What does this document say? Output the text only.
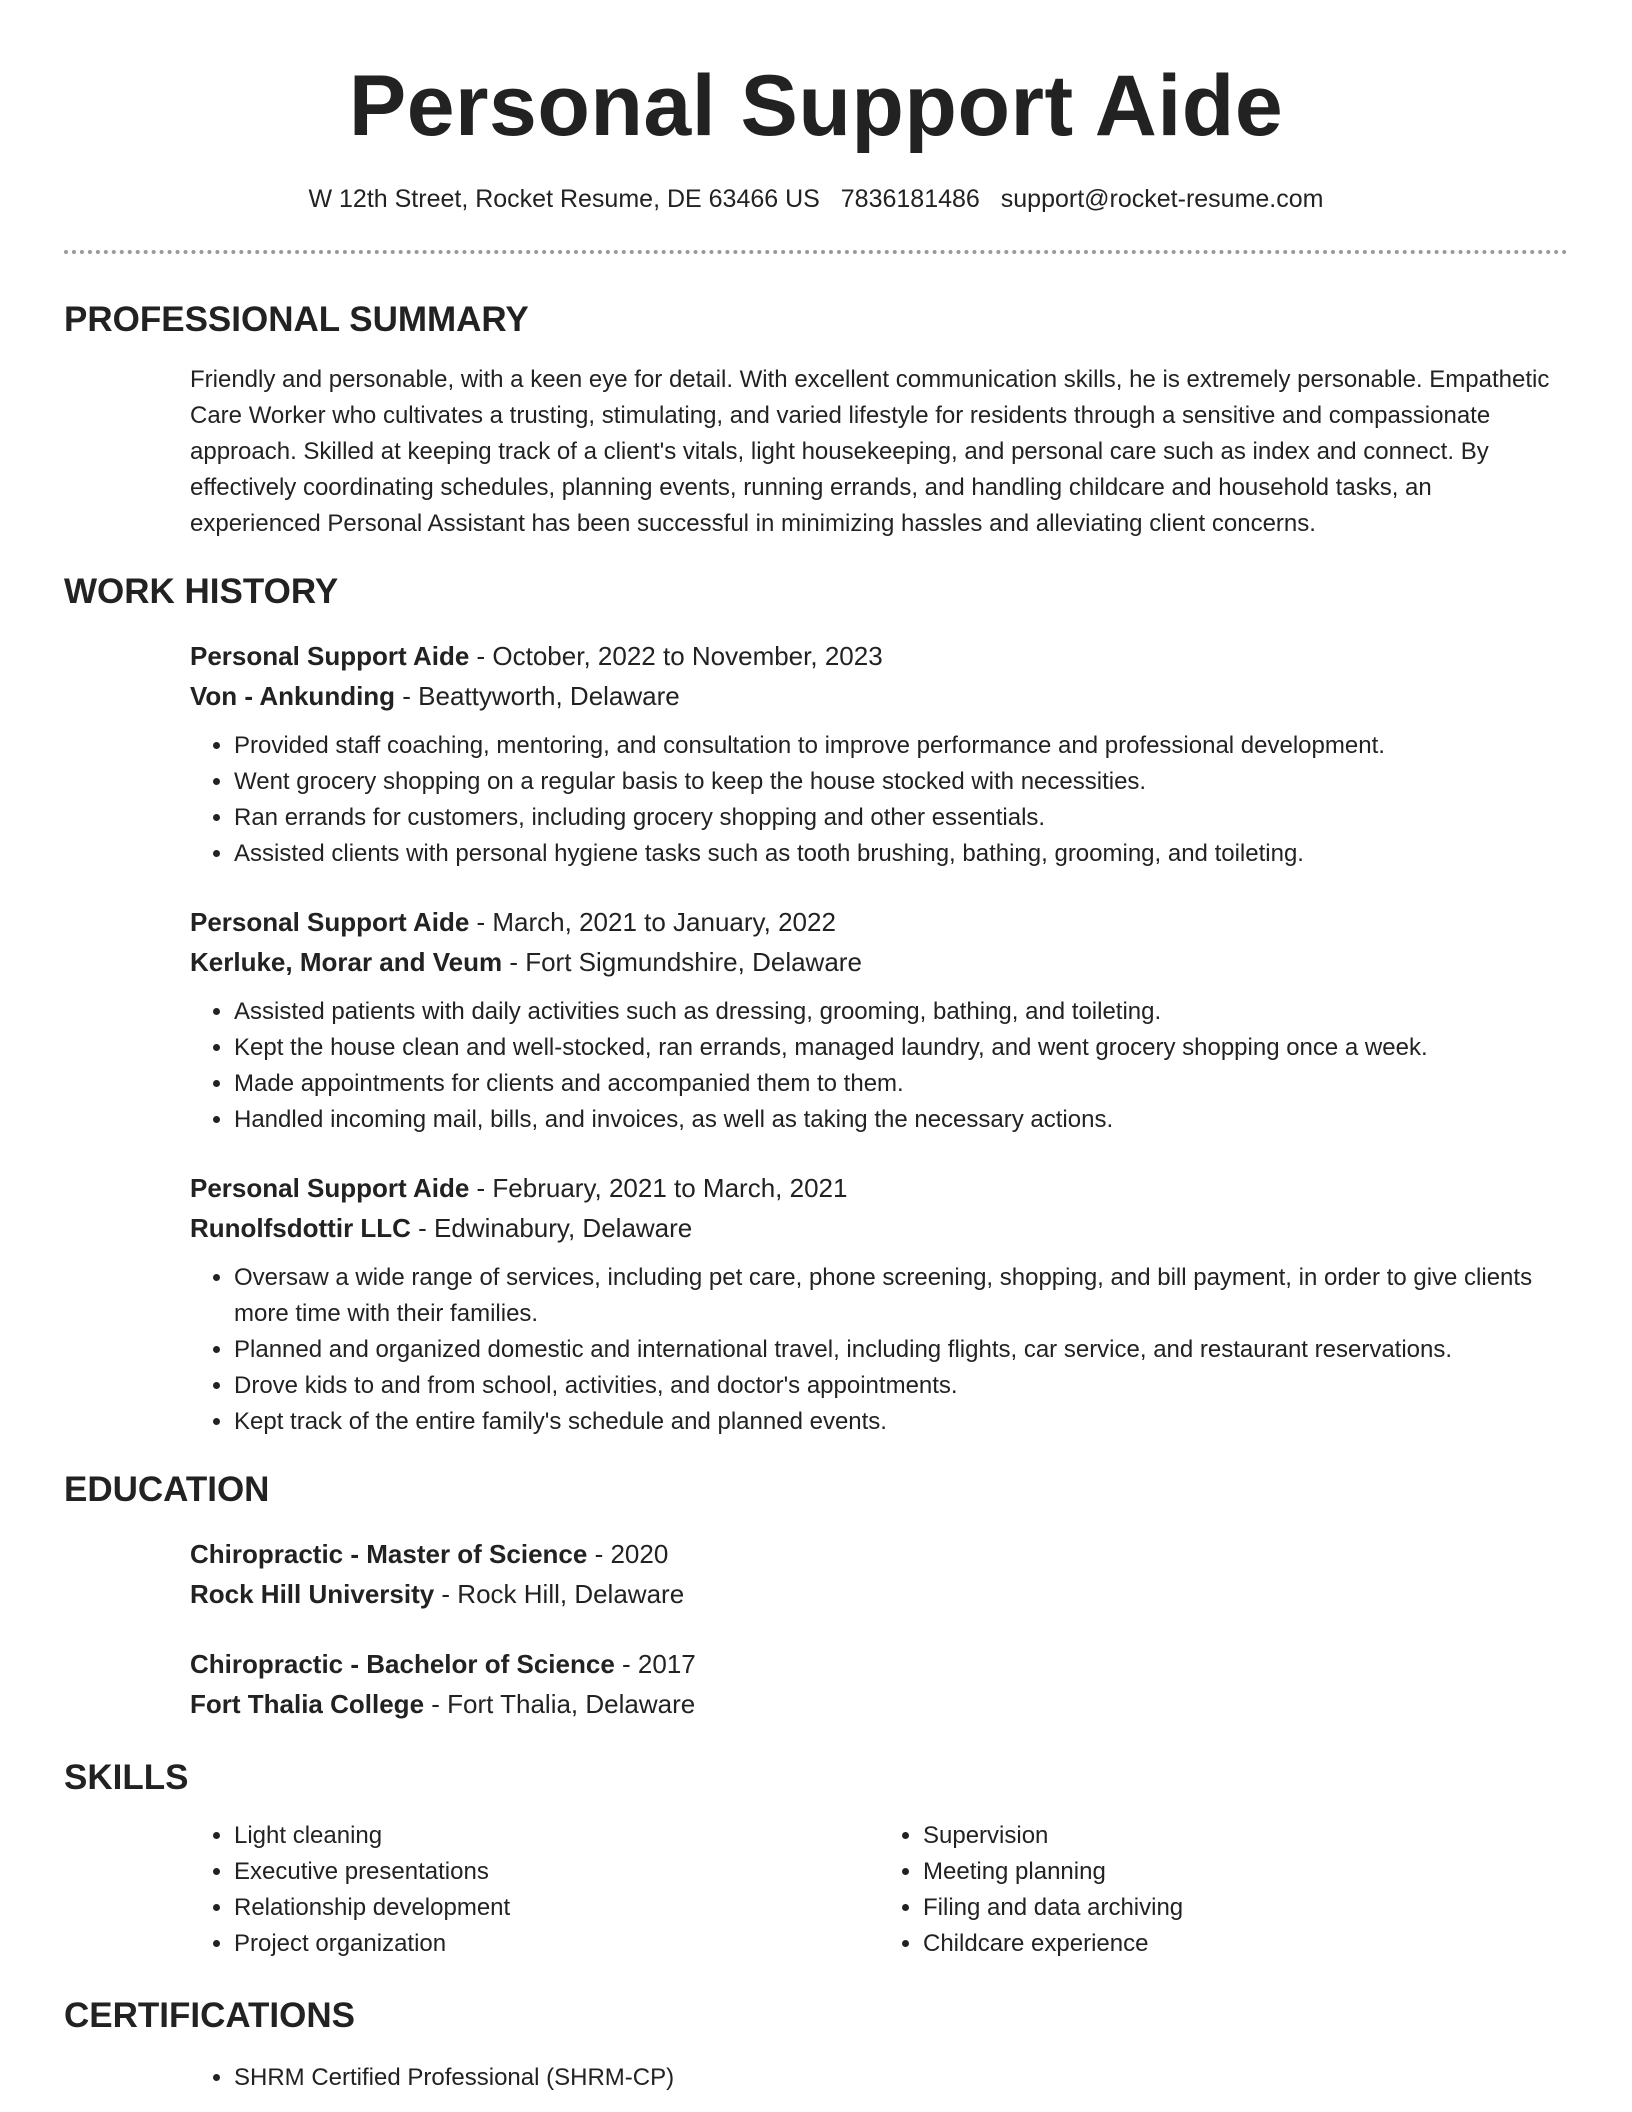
Personal Support Aide
W 12th Street, Rocket Resume, DE 63466 US 7836181486 support@rocket-resume.com
PROFESSIONAL SUMMARY

Friendly and personable, with a keen eye for detail. With excellent communication skills, he is extremely personable. Empathetic Care Worker who cultivates a trusting, stimulating, and varied lifestyle for residents through a sensitive and compassionate approach. Skilled at keeping track of a client's vitals, light housekeeping, and personal care such as index and connect. By effectively coordinating schedules, planning events, running errands, and handling childcare and household tasks, an experienced Personal Assistant has been successful in minimizing hassles and alleviating client concerns.

WORK HISTORY
Personal Support Aide - October, 2022 to November, 2023
Von - Ankunding - Beattyworth, Delaware
• Provided staff coaching, mentoring, and consultation to improve performance and professional development.
• Went grocery shopping on a regular basis to keep the house stocked with necessities.
• Ran errands for customers, including grocery shopping and other essentials.
• Assisted clients with personal hygiene tasks such as tooth brushing, bathing, grooming, and toileting.
Personal Support Aide - March, 2021 to January, 2022
Kerluke, Morar and Veum - Fort Sigmundshire, Delaware
• Assisted patients with daily activities such as dressing, grooming, bathing, and toileting.
• Kept the house clean and well-stocked, ran errands, managed laundry, and went grocery shopping once a week.
• Made appointments for clients and accompanied them to them.
• Handled incoming mail, bills, and invoices, as well as taking the necessary actions.
Personal Support Aide - February, 2021 to March, 2021
Runolfsdottir LLC - Edwinabury, Delaware
• Oversaw a wide range of services, including pet care, phone screening, shopping, and bill payment, in order to give clients more time with their families.
• Planned and organized domestic and international travel, including flights, car service, and restaurant reservations.
• Drove kids to and from school, activities, and doctor's appointments.
• Kept track of the entire family's schedule and planned events.
EDUCATION
Chiropractic - Master of Science - 2020
Rock Hill University - Rock Hill, Delaware
Chiropractic - Bachelor of Science - 2017
Fort Thalia College - Fort Thalia, Delaware
SKILLS
• Light cleaning
• Executive presentations
• Relationship development
• Project organization
• Supervision
• Meeting planning
• Filing and data archiving
• Childcare experience
CERTIFICATIONS
• SHRM Certified Professional (SHRM-CP)
